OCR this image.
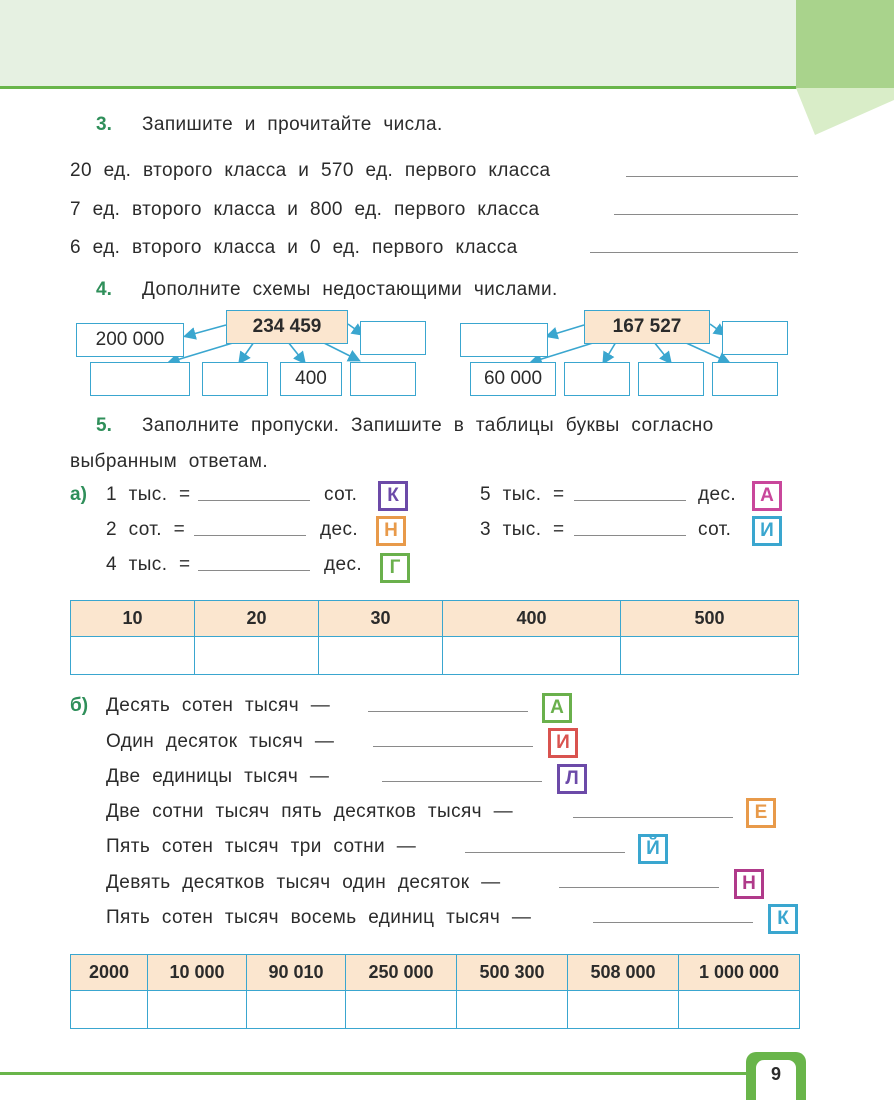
3. Запишите и прочитайте числа.
20 ед. второго класса и 570 ед. первого класса
7 ед. второго класса и 800 ед. первого класса
6 ед. второго класса и 0 ед. первого класса
4. Дополните схемы недостающими числами.
200 000
234 459
400
167 527
60 000
5. Заполните пропуски. Запишите в таблицы буквы согласно
выбранным ответам.
а) 1 тыс. =	сот.	К
2 сот. =	дес.	Н
4 тыс. =	дес.	Г
5 тыс. =	дес.	А
3 тыс. =	сот.	И
10	20	30	400	500

б) Десять сотен тысяч —	А
Один десяток тысяч —	И
Две единицы тысяч —	Л
Две сотни тысяч пять десятков тысяч —	Е
Пять сотен тысяч три сотни —	Й
Девять десятков тысяч один десяток —	Н
Пять сотен тысяч восемь единиц тысяч —	К
2000	10 000	90 010	250 000	500 300	508 000	1 000 000

9
